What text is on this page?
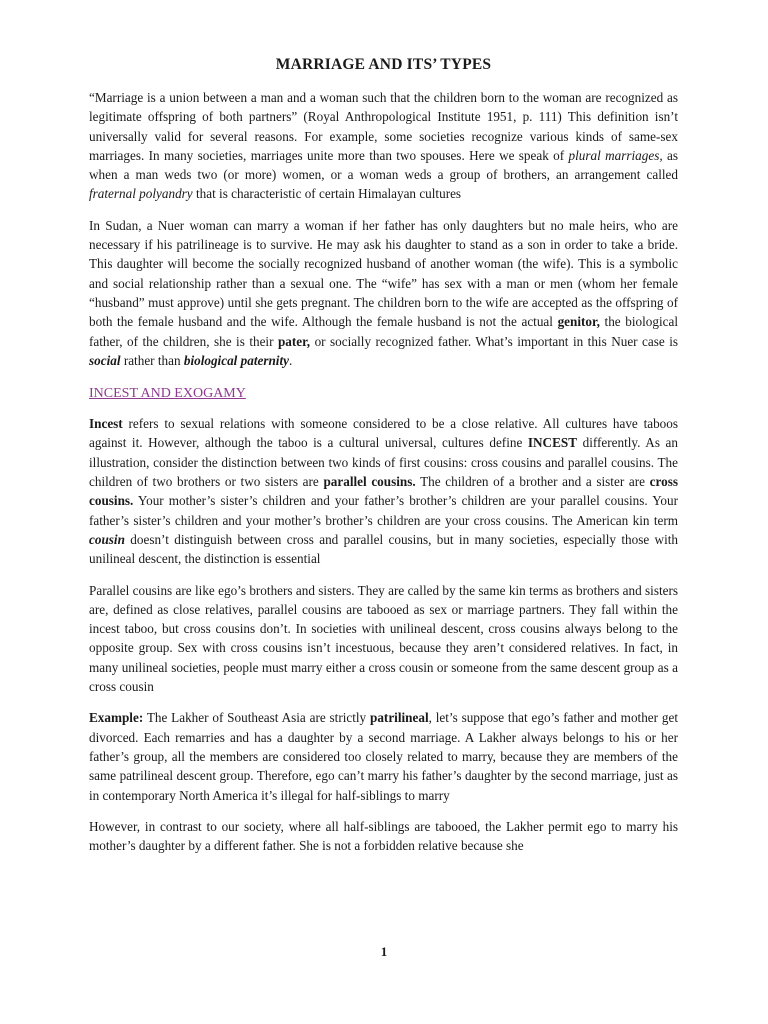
MARRIAGE AND ITS’ TYPES

“Marriage is a union between a man and a woman such that the children born to the woman are recognized as legitimate offspring of both partners” (Royal Anthropological Institute 1951, p. 111) This definition isn’t universally valid for several reasons. For example, some societies recognize various kinds of same-sex marriages. In many societies, marriages unite more than two spouses. Here we speak of plural marriages, as when a man weds two (or more) women, or a woman weds a group of brothers, an arrangement called fraternal polyandry that is characteristic of certain Himalayan cultures

In Sudan, a Nuer woman can marry a woman if her father has only daughters but no male heirs, who are necessary if his patrilineage is to survive. He may ask his daughter to stand as a son in order to take a bride. This daughter will become the socially recognized husband of another woman (the wife). This is a symbolic and social relationship rather than a sexual one. The “wife” has sex with a man or men (whom her female “husband” must approve) until she gets pregnant. The children born to the wife are accepted as the offspring of both the female husband and the wife. Although the female husband is not the actual genitor, the biological father, of the children, she is their pater, or socially recognized father. What’s important in this Nuer case is social rather than biological paternity.

INCEST AND EXOGAMY

Incest refers to sexual relations with someone considered to be a close relative. All cultures have taboos against it. However, although the taboo is a cultural universal, cultures define INCEST differently. As an illustration, consider the distinction between two kinds of first cousins: cross cousins and parallel cousins. The children of two brothers or two sisters are parallel cousins. The children of a brother and a sister are cross cousins. Your mother’s sister’s children and your father’s brother’s children are your parallel cousins. Your father’s sister’s children and your mother’s brother’s children are your cross cousins. The American kin term cousin doesn’t distinguish between cross and parallel cousins, but in many societies, especially those with unilineal descent, the distinction is essential

Parallel cousins are like ego’s brothers and sisters. They are called by the same kin terms as brothers and sisters are, defined as close relatives, parallel cousins are tabooed as sex or marriage partners. They fall within the incest taboo, but cross cousins don’t. In societies with unilineal descent, cross cousins always belong to the opposite group. Sex with cross cousins isn’t incestuous, because they aren’t considered relatives. In fact, in many unilineal societies, people must marry either a cross cousin or someone from the same descent group as a cross cousin

Example: The Lakher of Southeast Asia are strictly patrilineal, let’s suppose that ego’s father and mother get divorced. Each remarries and has a daughter by a second marriage. A Lakher always belongs to his or her father’s group, all the members are considered too closely related to marry, because they are members of the same patrilineal descent group. Therefore, ego can’t marry his father’s daughter by the second marriage, just as in contemporary North America it’s illegal for half-siblings to marry

However, in contrast to our society, where all half-siblings are tabooed, the Lakher permit ego to marry his mother’s daughter by a different father. She is not a forbidden relative because she

1
